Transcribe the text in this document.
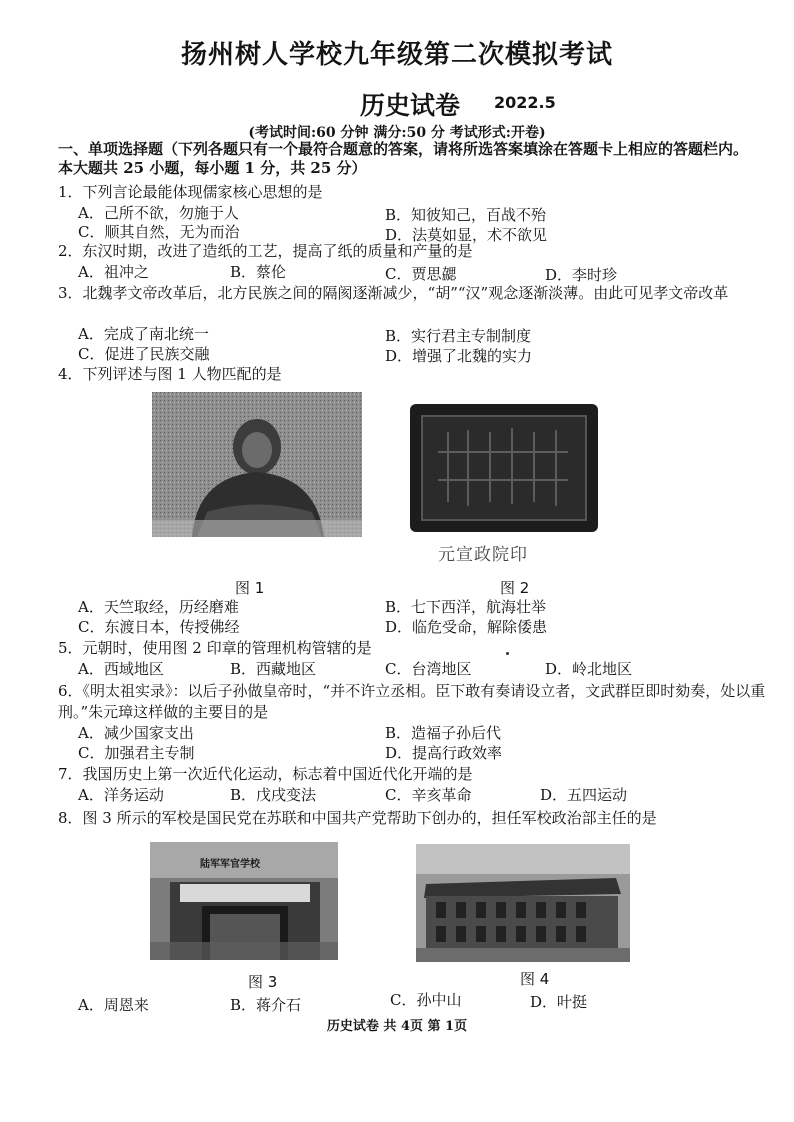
扬州树人学校九年级第二次模拟考试
历史试卷 2022.5
(考试时间:60 分钟 满分:50 分 考试形式:开卷)
一、单项选择题（下列各题只有一个最符合题意的答案，请将所选答案填涂在答题卡上相应的答题栏内。本大题共 25 小题，每小题 1 分，共 25 分）
1．下列言论最能体现儒家核心思想的是
A．己所不欲，勿施于人	B．知彼知己，百战不殆
C．顺其自然，无为而治	D．法莫如显，术不欲见
2．东汉时期，改进了造纸的工艺，提高了纸的质量和产量的是
A．祖冲之	B．蔡伦	C．贾思勰	D．李时珍
3．北魏孝文帝改革后，北方民族之间的隔阂逐渐减少，“胡”“汉”观念逐渐淡薄。由此可见孝文帝改革
A．完成了南北统一	B．实行君主专制制度
C．促进了民族交融	D．增强了北魏的实力
4．下列评述与图 1 人物匹配的是
元宣政院印
图 1	图 2
A．天竺取经，历经磨难	B．七下西洋，航海壮举
C．东渡日本，传授佛经	D．临危受命，解除倭患
5．元朝时，使用图 2 印章的管理机构管辖的是
A．西域地区	B．西藏地区	C．台湾地区	D．岭北地区
6．《明太祖实录》：以后子孙做皇帝时，“并不许立丞相。臣下敢有奏请设立者，文武群臣即时劾奏，处以重刑。”朱元璋这样做的主要目的是
A．减少国家支出	B．造福子孙后代
C．加强君主专制	D．提高行政效率
7．我国历史上第一次近代化运动，标志着中国近代化开端的是
A．洋务运动	B．戊戌变法	C．辛亥革命	D．五四运动
8．图 3 所示的军校是国民党在苏联和中国共产党帮助下创办的，担任军校政治部主任的是
陆军军官学校
图 3	图 4
A．周恩来	B．蒋介石	C．孙中山	D．叶挺
历史试卷 共 4页 第 1页
